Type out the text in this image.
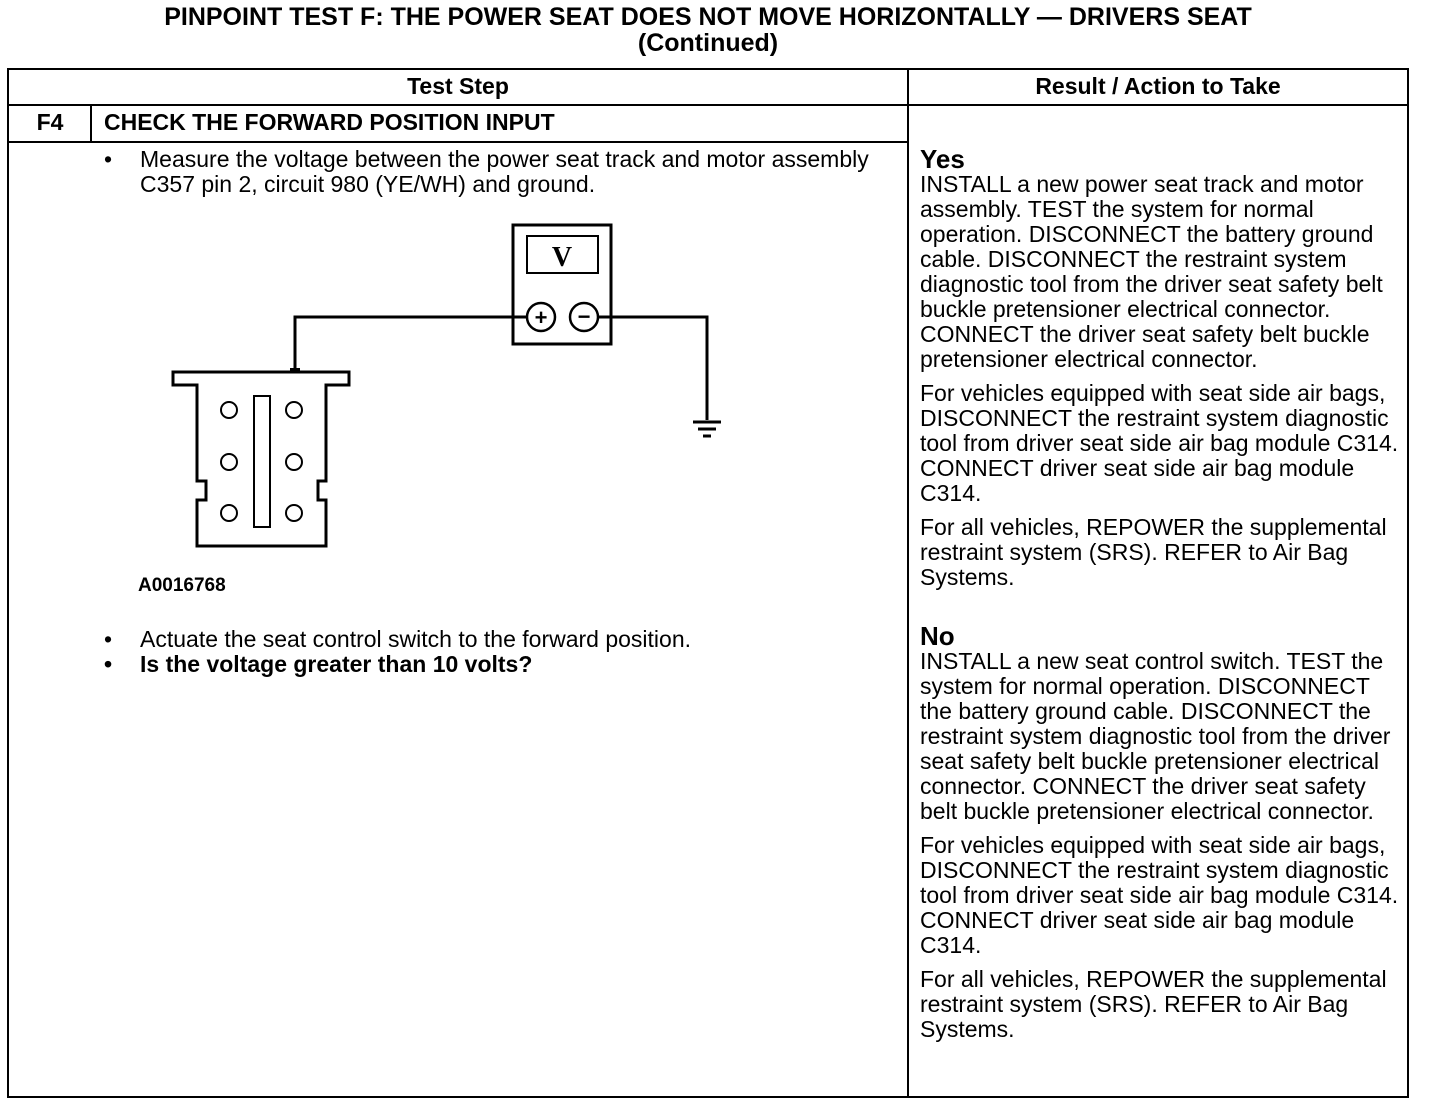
PINPOINT TEST F: THE POWER SEAT DOES NOT MOVE HORIZONTALLY — DRIVERS SEAT
(Continued)
Test Step	Result / Action to Take
F4	CHECK THE FORWARD POSITION INPUT
• Measure the voltage between the power seat track and motor assembly C357 pin 2, circuit 980 (YE/WH) and ground.
• Actuate the seat control switch to the forward position.
• Is the voltage greater than 10 volts?
V
+ −
A0016768
Yes

INSTALL a new power seat track and motor assembly. TEST the system for normal operation. DISCONNECT the battery ground cable. DISCONNECT the restraint system diagnostic tool from the driver seat safety belt buckle pretensioner electrical connector. CONNECT the driver seat safety belt buckle pretensioner electrical connector.

For vehicles equipped with seat side air bags, DISCONNECT the restraint system diagnostic tool from driver seat side air bag module C314. CONNECT driver seat side air bag module C314.

For all vehicles, REPOWER the supplemental restraint system (SRS). REFER to Air Bag Systems.

No

INSTALL a new seat control switch. TEST the system for normal operation. DISCONNECT the battery ground cable. DISCONNECT the restraint system diagnostic tool from the driver seat safety belt buckle pretensioner electrical connector. CONNECT the driver seat safety belt buckle pretensioner electrical connector.

For vehicles equipped with seat side air bags, DISCONNECT the restraint system diagnostic tool from driver seat side air bag module C314. CONNECT driver seat side air bag module C314.

For all vehicles, REPOWER the supplemental restraint system (SRS). REFER to Air Bag Systems.
